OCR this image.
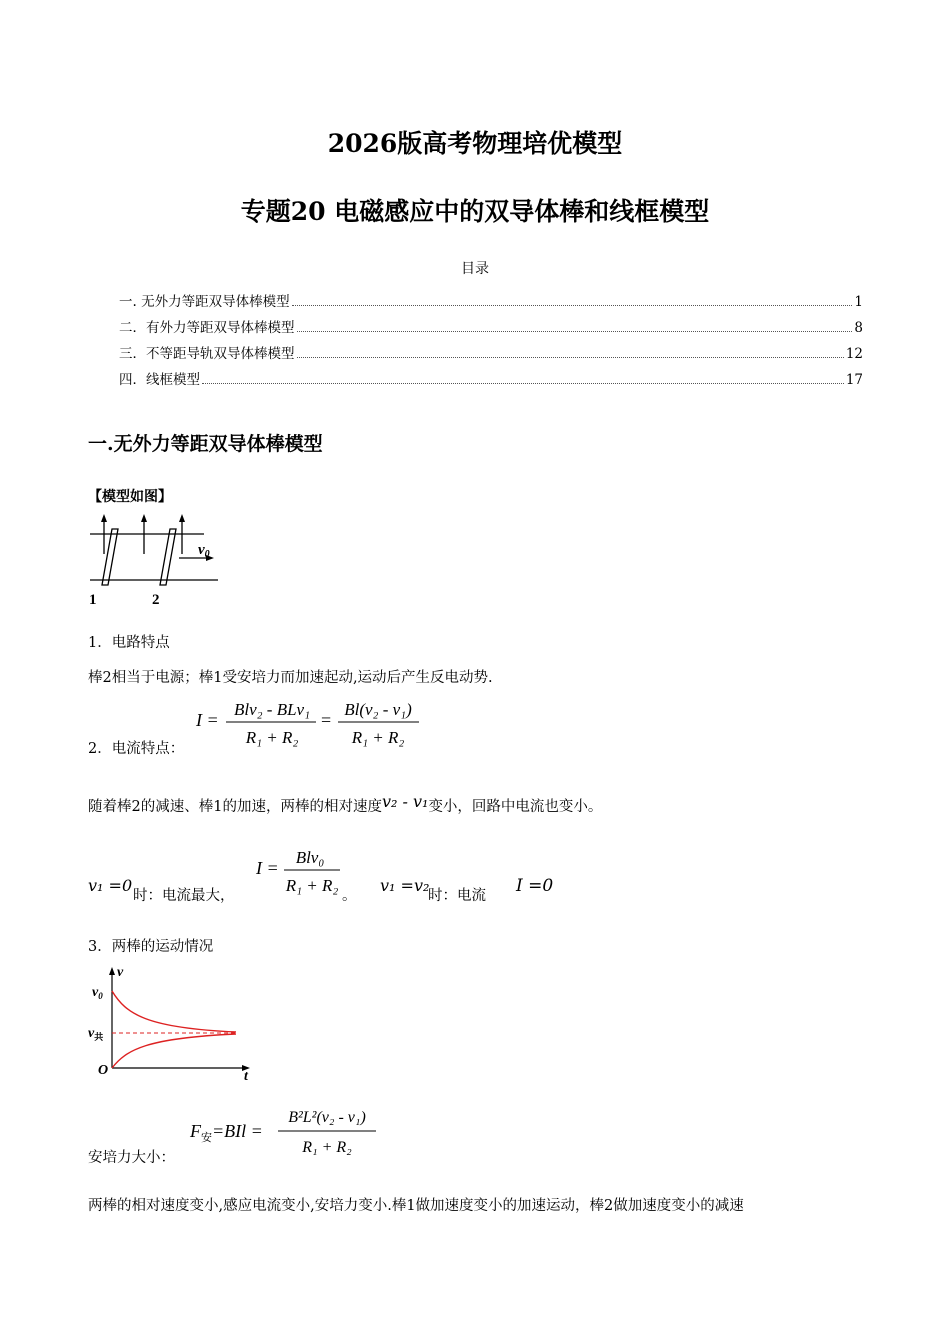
2026版高考物理培优模型
专题20 电磁感应中的双导体棒和线框模型
目录
一. 无外力等距双导体棒模型	1
二．有外力等距双导体棒模型	8
三．不等距导轨双导体棒模型	12
四．线框模型	17
一.无外力等距双导体棒模型
【模型如图】
$v_0$
1	2
1．电路特点
棒2相当于电源；棒1受安培力而加速起动,运动后产生反电动势.
2．电流特点：
I =
Blv₂ - BLv₁
R₁ + R₂
=
Bl(v₂ - v₁)
R₁ + R₂
随着棒2的减速、棒1的加速，两棒的相对速度v₂ - v₁变小，回路中电流也变小。
v₁ =0
时：电流最大，
I =
Blv₀
R₁ + R₂
。
v₁ =v₂
时：电流 I =0
3．两棒的运动情况
v
t
O
$v_0$
$v_共$
$F_安=BIl$ =
B²L²(v₂ - v₁)
R₁ + R₂
安培力大小：
两棒的相对速度变小,感应电流变小,安培力变小.棒1做加速度变小的加速运动，棒2做加速度变小的减速
